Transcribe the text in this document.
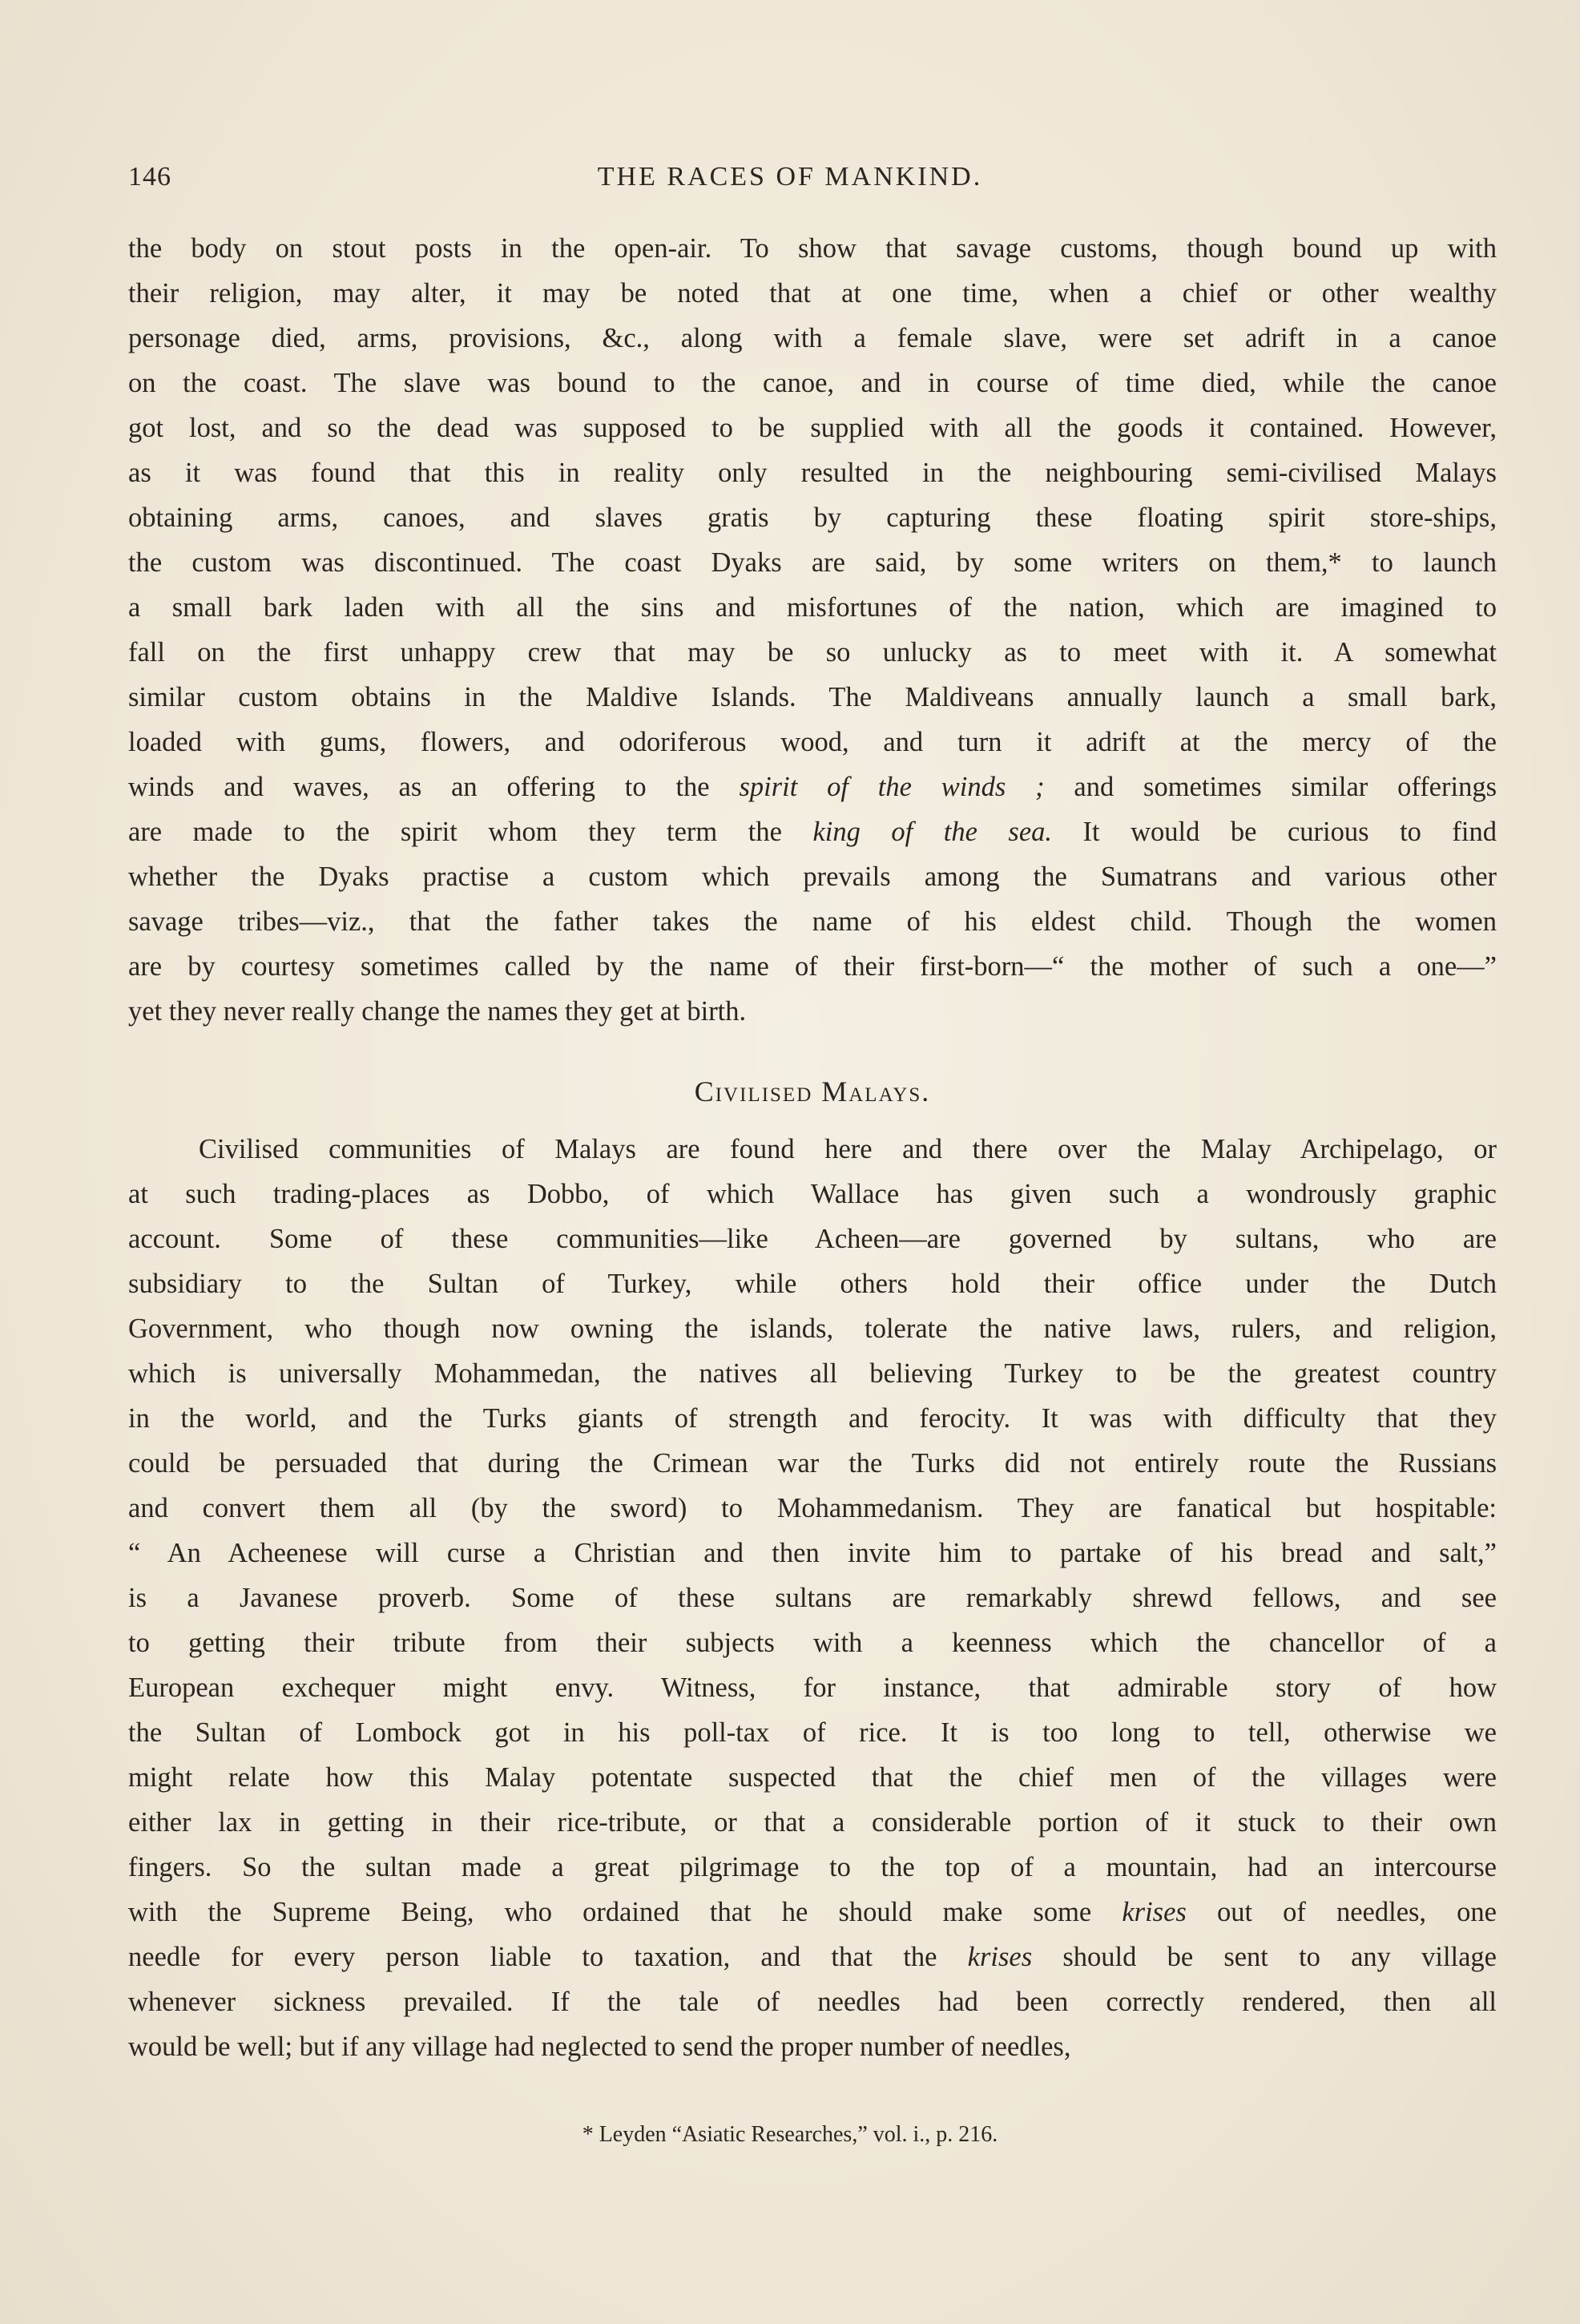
146	THE RACES OF MANKIND.
the body on stout posts in the open-air. To show that savage customs, though bound up with
their religion, may alter, it may be noted that at one time, when a chief or other wealthy
personage died, arms, provisions, &c., along with a female slave, were set adrift in a canoe
on the coast. The slave was bound to the canoe, and in course of time died, while the canoe
got lost, and so the dead was supposed to be supplied with all the goods it contained. However,
as it was found that this in reality only resulted in the neighbouring semi-civilised Malays
obtaining arms, canoes, and slaves gratis by capturing these floating spirit store-ships,
the custom was discontinued. The coast Dyaks are said, by some writers on them,* to launch
a small bark laden with all the sins and misfortunes of the nation, which are imagined to
fall on the first unhappy crew that may be so unlucky as to meet with it. A somewhat
similar custom obtains in the Maldive Islands. The Maldiveans annually launch a small bark,
loaded with gums, flowers, and odoriferous wood, and turn it adrift at the mercy of the
winds and waves, as an offering to the spirit of the winds ; and sometimes similar offerings
are made to the spirit whom they term the king of the sea. It would be curious to find
whether the Dyaks practise a custom which prevails among the Sumatrans and various other
savage tribes—viz., that the father takes the name of his eldest child. Though the women
are by courtesy sometimes called by the name of their first-born—“ the mother of such a one—”
yet they never really change the names they get at birth.
Civilised Malays.
Civilised communities of Malays are found here and there over the Malay Archipelago, or
at such trading-places as Dobbo, of which Wallace has given such a wondrously graphic
account. Some of these communities—like Acheen—are governed by sultans, who are
subsidiary to the Sultan of Turkey, while others hold their office under the Dutch
Government, who though now owning the islands, tolerate the native laws, rulers, and religion,
which is universally Mohammedan, the natives all believing Turkey to be the greatest country
in the world, and the Turks giants of strength and ferocity. It was with difficulty that they
could be persuaded that during the Crimean war the Turks did not entirely route the Russians
and convert them all (by the sword) to Mohammedanism. They are fanatical but hospitable:
“ An Acheenese will curse a Christian and then invite him to partake of his bread and salt,”
is a Javanese proverb. Some of these sultans are remarkably shrewd fellows, and see
to getting their tribute from their subjects with a keenness which the chancellor of a
European exchequer might envy. Witness, for instance, that admirable story of how
the Sultan of Lombock got in his poll-tax of rice. It is too long to tell, otherwise we
might relate how this Malay potentate suspected that the chief men of the villages were
either lax in getting in their rice-tribute, or that a considerable portion of it stuck to their own
fingers. So the sultan made a great pilgrimage to the top of a mountain, had an intercourse
with the Supreme Being, who ordained that he should make some krises out of needles, one
needle for every person liable to taxation, and that the krises should be sent to any village
whenever sickness prevailed. If the tale of needles had been correctly rendered, then all
would be well; but if any village had neglected to send the proper number of needles,
* Leyden “Asiatic Researches,” vol. i., p. 216.
